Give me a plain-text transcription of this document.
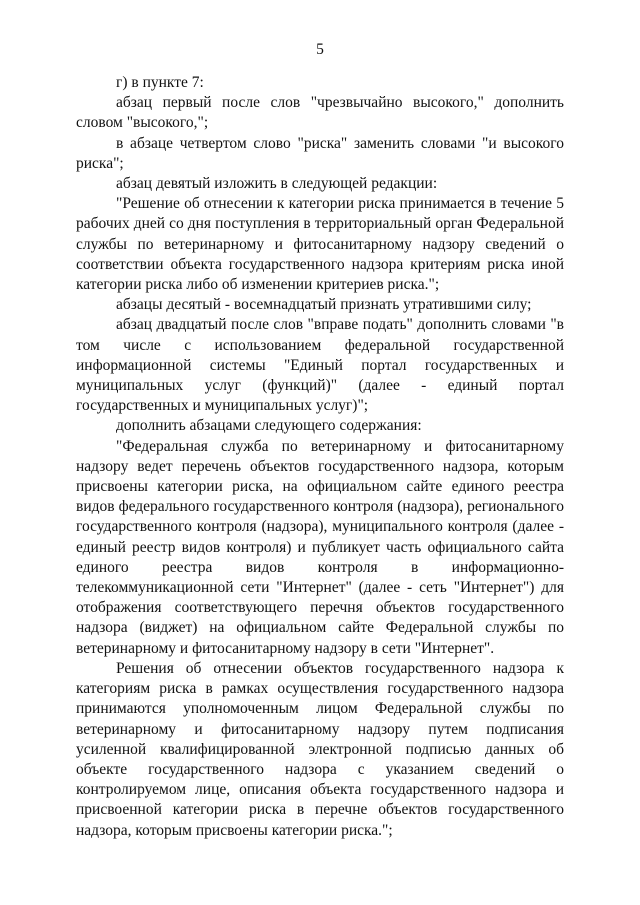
5

г) в пункте 7:

абзац первый после слов "чрезвычайно высокого," дополнить словом "высокого,";

в абзаце четвертом слово "риска" заменить словами "и высокого риска";

абзац девятый изложить в следующей редакции:

"Решение об отнесении к категории риска принимается в течение 5 рабочих дней со дня поступления в территориальный орган Федеральной службы по ветеринарному и фитосанитарному надзору сведений о соответствии объекта государственного надзора критериям риска иной категории риска либо об изменении критериев риска.";

абзацы десятый - восемнадцатый признать утратившими силу;

абзац двадцатый после слов "вправе подать" дополнить словами "в том числе с использованием федеральной государственной информационной системы "Единый портал государственных и муниципальных услуг (функций)" (далее - единый портал государственных и муниципальных услуг)";

дополнить абзацами следующего содержания:

"Федеральная служба по ветеринарному и фитосанитарному надзору ведет перечень объектов государственного надзора, которым присвоены категории риска, на официальном сайте единого реестра видов федерального государственного контроля (надзора), регионального государственного контроля (надзора), муниципального контроля (далее - единый реестр видов контроля) и публикует часть официального сайта единого реестра видов контроля в информационно-телекоммуникационной сети "Интернет" (далее - сеть "Интернет") для отображения соответствующего перечня объектов государственного надзора (виджет) на официальном сайте Федеральной службы по ветеринарному и фитосанитарному надзору в сети "Интернет".

Решения об отнесении объектов государственного надзора к категориям риска в рамках осуществления государственного надзора принимаются уполномоченным лицом Федеральной службы по ветеринарному и фитосанитарному надзору путем подписания усиленной квалифицированной электронной подписью данных об объекте государственного надзора с указанием сведений о контролируемом лице, описания объекта государственного надзора и присвоенной категории риска в перечне объектов государственного надзора, которым присвоены категории риска.";
